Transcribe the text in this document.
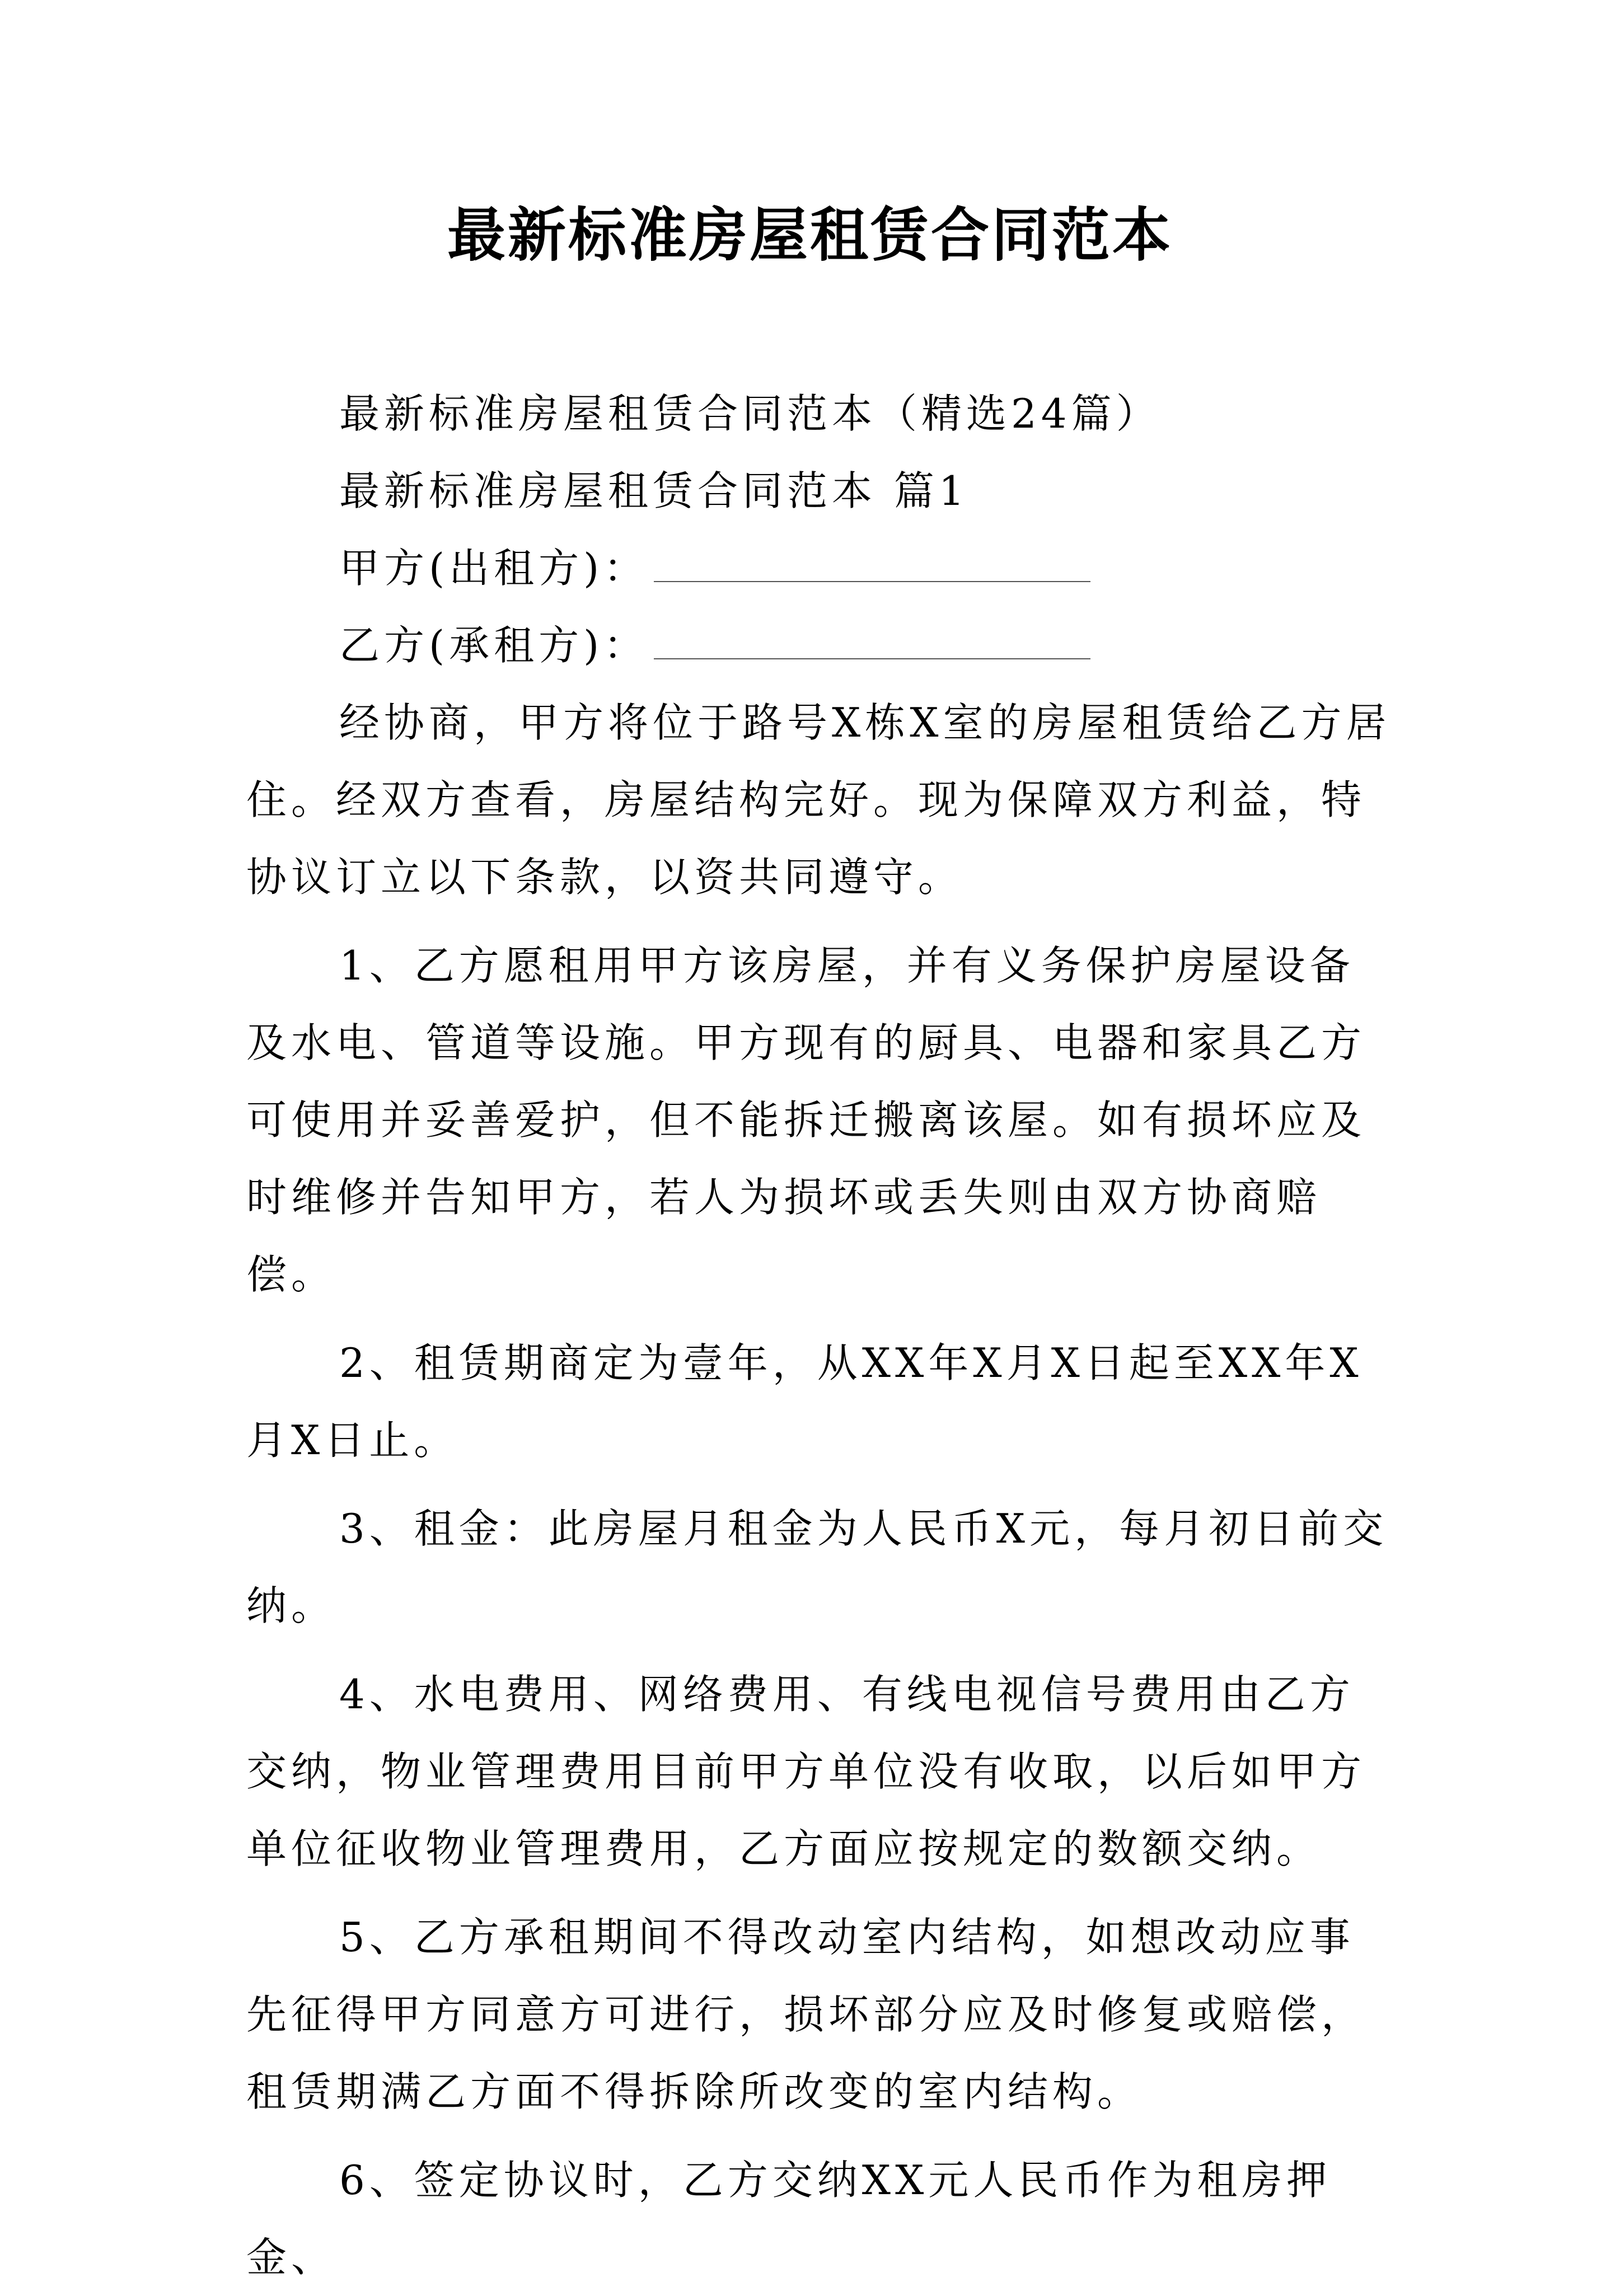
最新标准房屋租赁合同范本
最新标准房屋租赁合同范本（精选24篇）
最新标准房屋租赁合同范本 篇1
甲方(出租方)：
乙方(承租方)：
经协商，甲方将位于路号X栋X室的房屋租赁给乙方居住。经双方查看，房屋结构完好。现为保障双方利益，特协议订立以下条款，以资共同遵守。
1、乙方愿租用甲方该房屋，并有义务保护房屋设备及水电、管道等设施。甲方现有的厨具、电器和家具乙方可使用并妥善爱护，但不能拆迁搬离该屋。如有损坏应及时维修并告知甲方，若人为损坏或丢失则由双方协商赔偿。
2、租赁期商定为壹年，从XX年X月X日起至XX年X月X日止。
3、租金：此房屋月租金为人民币X元，每月初日前交纳。
4、水电费用、网络费用、有线电视信号费用由乙方交纳，物业管理费用目前甲方单位没有收取，以后如甲方单位征收物业管理费用，乙方面应按规定的数额交纳。
5、乙方承租期间不得改动室内结构，如想改动应事先征得甲方同意方可进行，损坏部分应及时修复或赔偿，租赁期满乙方面不得拆除所改变的室内结构。
6、签定协议时，乙方交纳XX元人民币作为租房押金、
